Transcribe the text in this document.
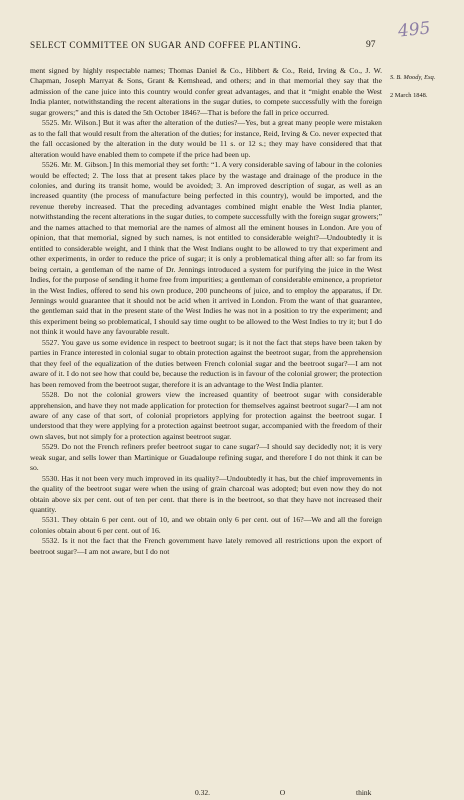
SELECT COMMITTEE ON SUGAR AND COFFEE PLANTING.	97
495
S. B. Moody, Esq.
2 March 1848.

ment signed by highly respectable names; Thomas Daniel & Co., Hibbert & Co., Reid, Irving & Co., J. W. Chapman, Joseph Marryat & Sons, Grant & Kemshead, and others; and in that memorial they say that the admission of the cane juice into this country would confer great advantages, and that it “might enable the West India planter, notwithstanding the recent alterations in the sugar duties, to compete successfully with the foreign sugar growers;” and this is dated the 5th October 1846?—That is before the fall in price occurred.

5525. Mr. Wilson.] But it was after the alteration of the duties?—Yes, but a great many people were mistaken as to the fall that would result from the alteration of the duties; for instance, Reid, Irving & Co. never expected that the fall occasioned by the alteration in the duty would be 11 s. or 12 s.; they may have considered that that alteration would have enabled them to compete if the price had been up.

5526. Mr. M. Gibson.] In this memorial they set forth: “1. A very considerable saving of labour in the colonies would be effected; 2. The loss that at present takes place by the wastage and drainage of the produce in the colonies, and during its transit home, would be avoided; 3. An improved description of sugar, as well as an increased quantity (the process of manufacture being perfected in this country), would be imported, and the revenue thereby increased. That the preceding advantages combined might enable the West India planter, notwithstanding the recent alterations in the sugar duties, to compete successfully with the foreign sugar growers;” and the names attached to that memorial are the names of almost all the eminent houses in London. Are you of opinion, that that memorial, signed by such names, is not entitled to considerable weight?—Undoubtedly it is entitled to considerable weight, and I think that the West Indians ought to be allowed to try that experiment and other experiments, in order to reduce the price of sugar; it is only a problematical thing after all: so far from its being certain, a gentleman of the name of Dr. Jennings introduced a system for purifying the juice in the West Indies, for the purpose of sending it home free from impurities; a gentleman of considerable eminence, a proprietor in the West Indies, offered to send his own produce, 200 puncheons of juice, and to employ the apparatus, if Dr. Jennings would guarantee that it should not be acid when it arrived in London. From the want of that guarantee, the gentleman said that in the present state of the West Indies he was not in a position to try the experiment; and this experiment being so problematical, I should say time ought to be allowed to the West Indies to try it; but I do not think it would have any favourable result.

5527. You gave us some evidence in respect to beetroot sugar; is it not the fact that steps have been taken by parties in France interested in colonial sugar to obtain protection against the beetroot sugar, from the apprehension that they feel of the equalization of the duties between French colonial sugar and the beetroot sugar?—I am not aware of it. I do not see how that could be, because the reduction is in favour of the colonial grower; the protection has been removed from the beetroot sugar, therefore it is an advantage to the West India planter.

5528. Do not the colonial growers view the increased quantity of beetroot sugar with considerable apprehension, and have they not made application for protection for themselves against beetroot sugar?—I am not aware of any case of that sort, of colonial proprietors applying for protection against the beetroot sugar. I understood that they were applying for a protection against beetroot sugar, accompanied with the freedom of their own slaves, but not simply for a protection against beetroot sugar.

5529. Do not the French refiners prefer beetroot sugar to cane sugar?—I should say decidedly not; it is very weak sugar, and sells lower than Martinique or Guadaloupe refining sugar, and therefore I do not think it can be so.

5530. Has it not been very much improved in its quality?—Undoubtedly it has, but the chief improvements in the quality of the beetroot sugar were when the using of grain charcoal was adopted; but even now they do not obtain above six per cent. out of ten per cent. that there is in the beetroot, so that they have not increased their quantity.

5531. They obtain 6 per cent. out of 10, and we obtain only 6 per cent. out of 16?—We and all the foreign colonies obtain about 6 per cent. out of 16.

5532. Is it not the fact that the French government have lately removed all restrictions upon the export of beetroot sugar?—I am not aware, but I do not

0.32.	O	think
